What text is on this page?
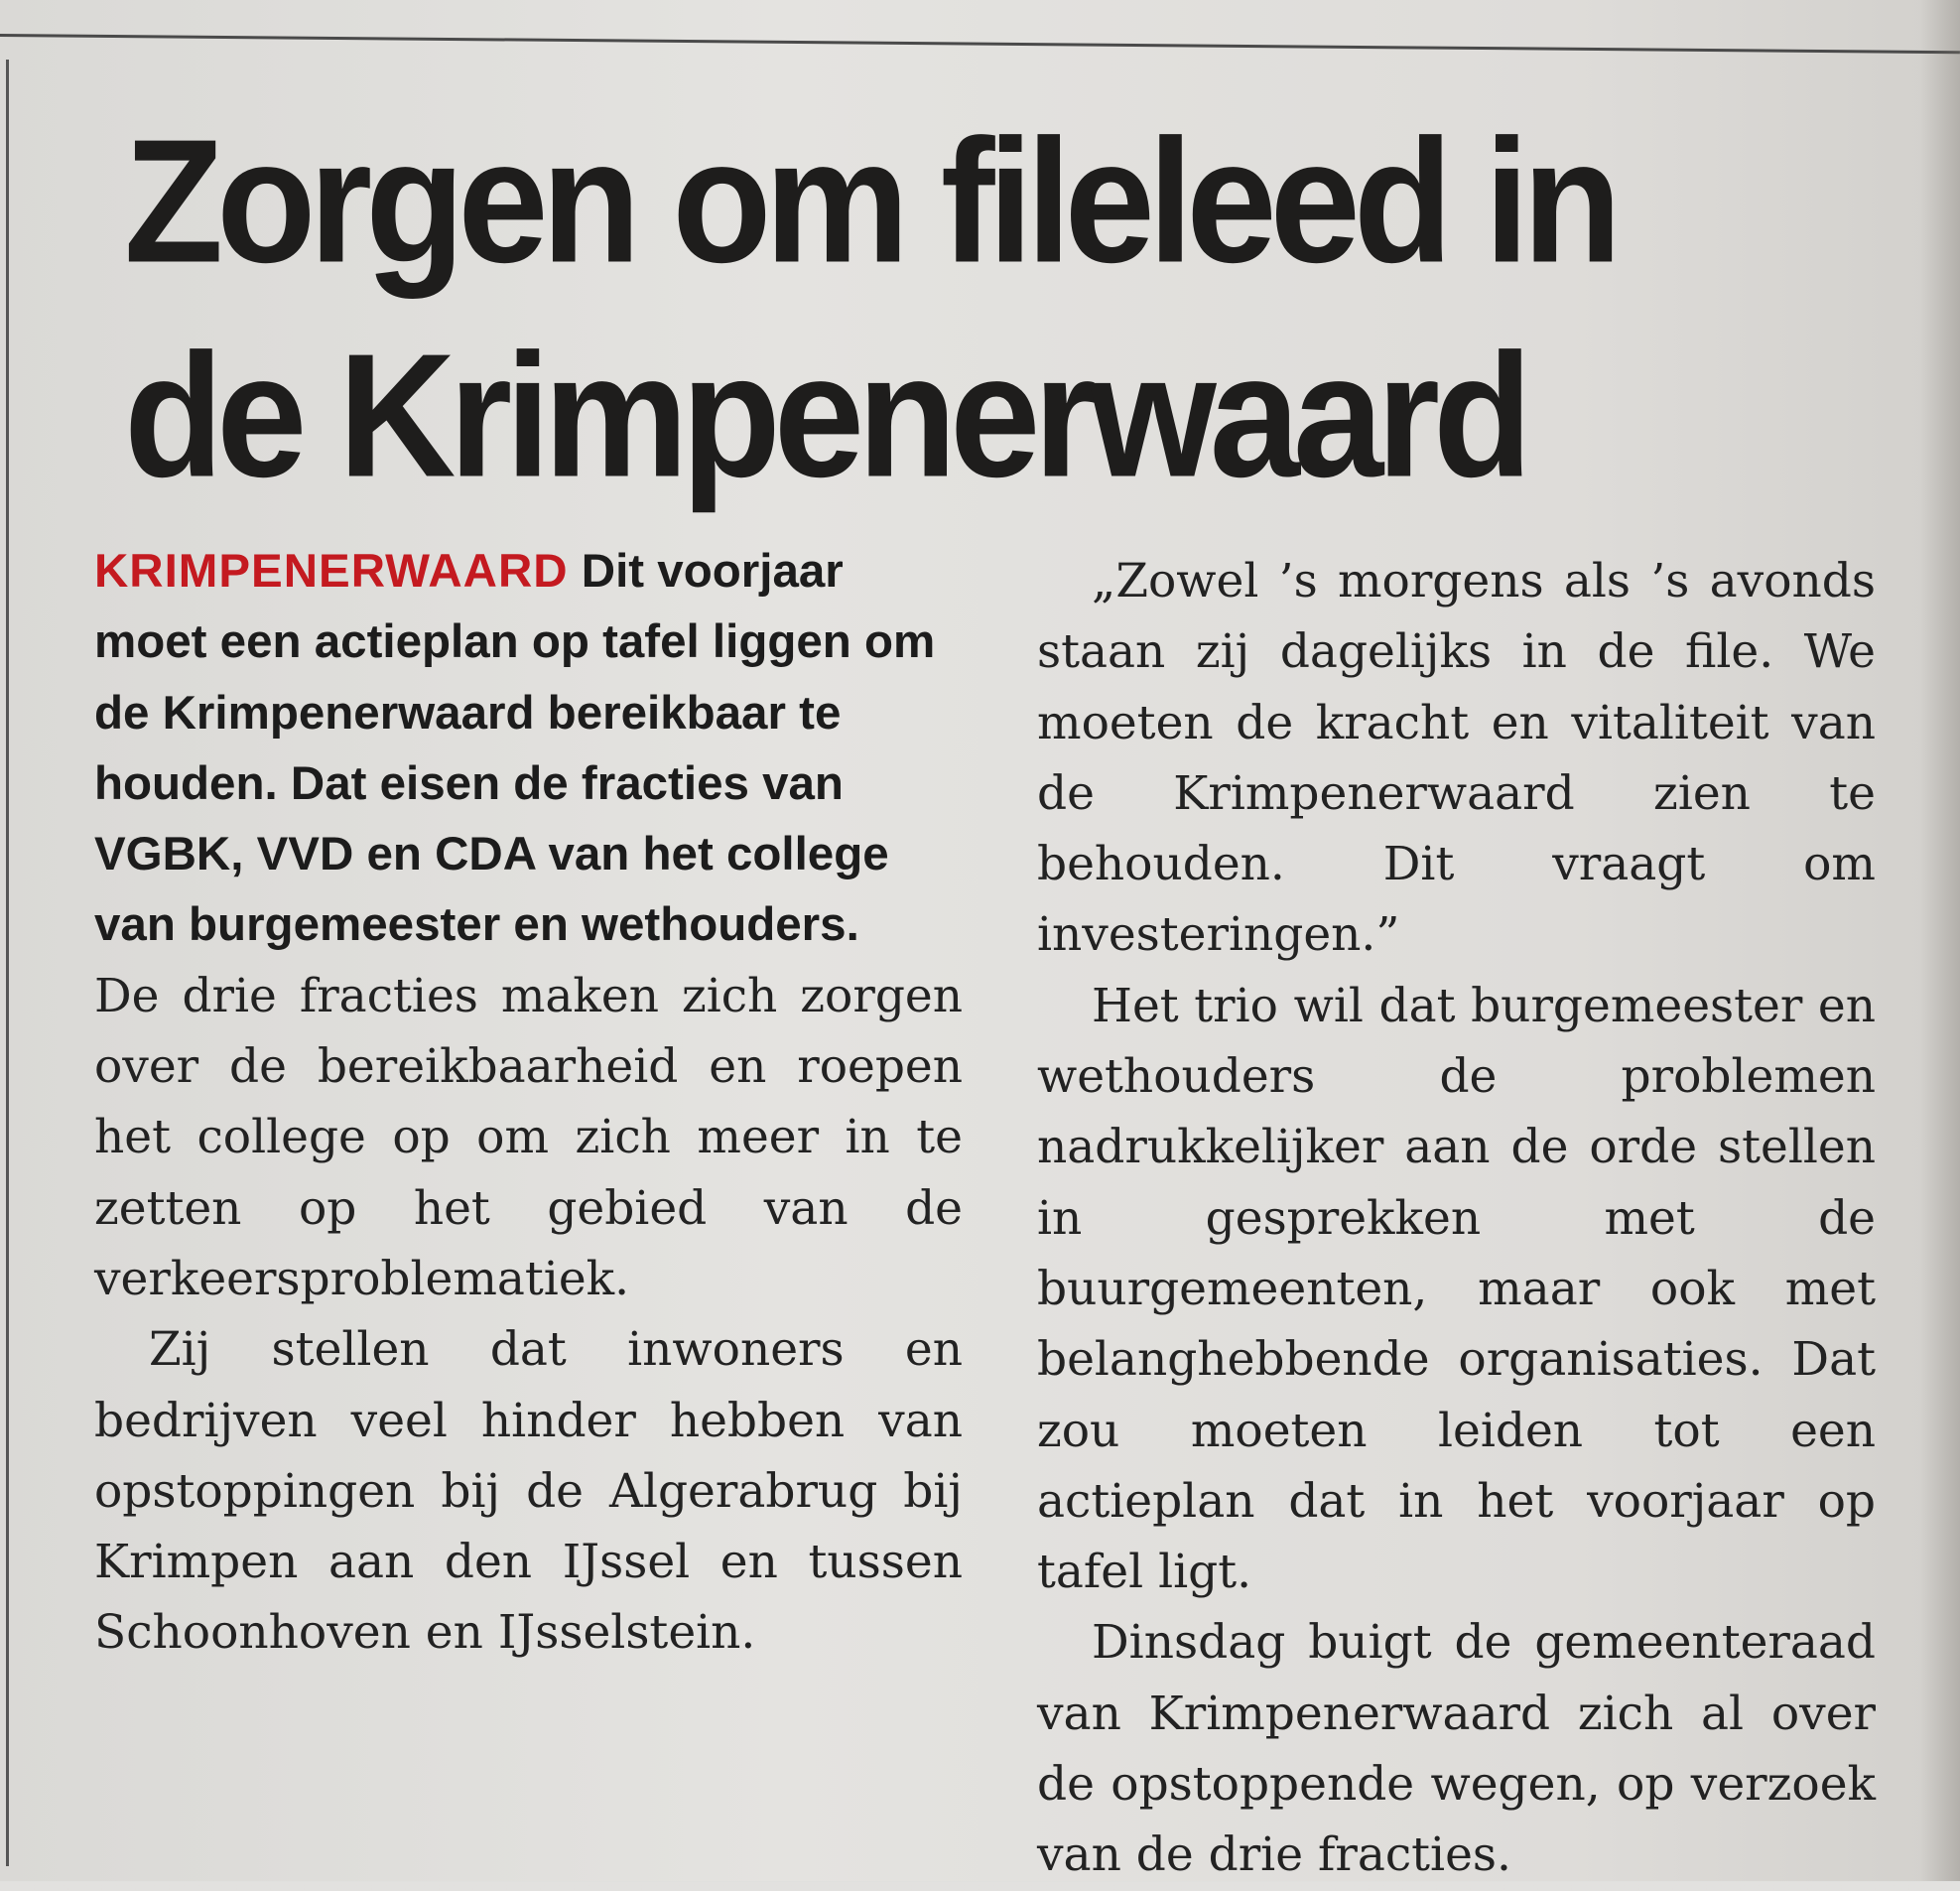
Zorgen om fileleed in
de Krimpenerwaard

KRIMPENERWAARD Dit voorjaar moet een actieplan op tafel liggen om de Krimpenerwaard bereikbaar te houden. Dat eisen de fracties van VGBK, VVD en CDA van het college van burgemeester en wethouders.

De drie fracties maken zich zorgen over de bereikbaarheid en roepen het college op om zich meer in te zetten op het gebied van de verkeersproblematiek.

Zij stellen dat inwoners en bedrijven veel hinder hebben van opstoppingen bij de Algerabrug bij Krimpen aan den IJssel en tussen Schoonhoven en IJsselstein.

„Zowel ’s morgens als ’s avonds staan zij dagelijks in de file. We moeten de kracht en vitaliteit van de Krimpenerwaard zien te behouden. Dit vraagt om investeringen.”

Het trio wil dat burgemeester en wethouders de problemen nadrukkelijker aan de orde stellen in gesprekken met de buurgemeenten, maar ook met belanghebbende organisaties. Dat zou moeten leiden tot een actieplan dat in het voorjaar op tafel ligt.

Dinsdag buigt de gemeenteraad van Krimpenerwaard zich al over de opstoppende wegen, op verzoek van de drie fracties.
